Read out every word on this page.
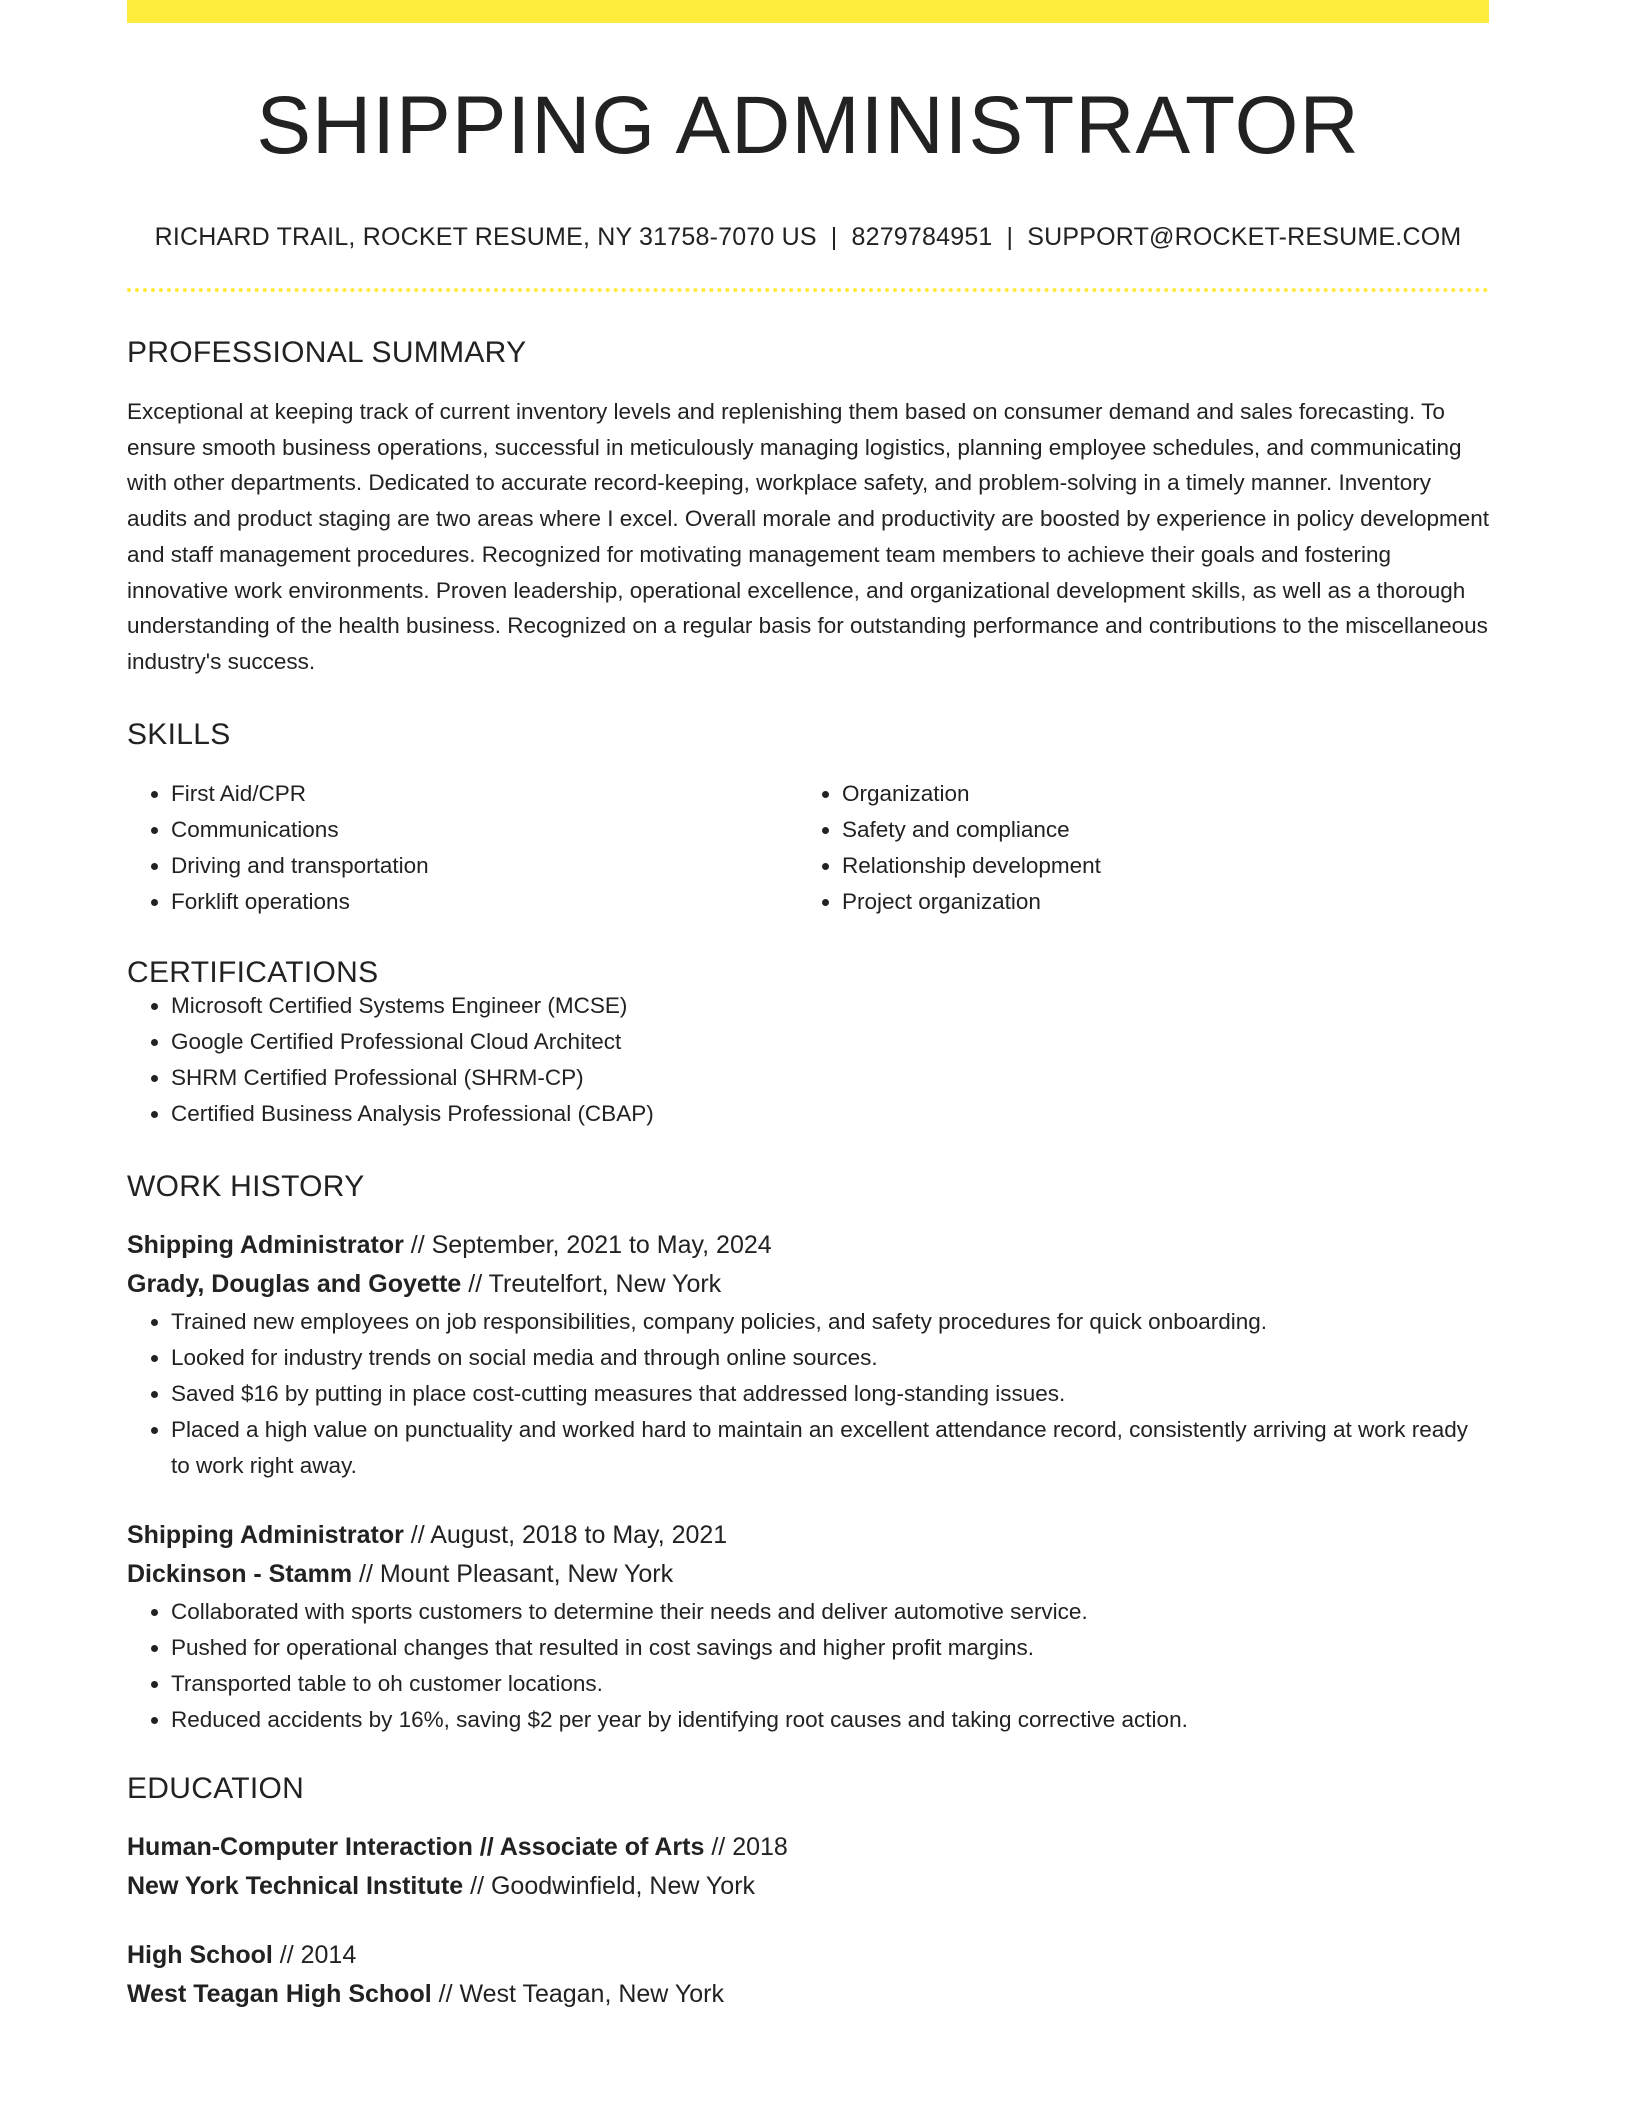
SHIPPING ADMINISTRATOR
RICHARD TRAIL, ROCKET RESUME, NY 31758-7070 US | 8279784951 | SUPPORT@ROCKET-RESUME.COM
PROFESSIONAL SUMMARY
Exceptional at keeping track of current inventory levels and replenishing them based on consumer demand and sales forecasting. To ensure smooth business operations, successful in meticulously managing logistics, planning employee schedules, and communicating with other departments. Dedicated to accurate record-keeping, workplace safety, and problem-solving in a timely manner. Inventory audits and product staging are two areas where I excel. Overall morale and productivity are boosted by experience in policy development and staff management procedures. Recognized for motivating management team members to achieve their goals and fostering innovative work environments. Proven leadership, operational excellence, and organizational development skills, as well as a thorough understanding of the health business. Recognized on a regular basis for outstanding performance and contributions to the miscellaneous industry's success.
SKILLS
• First Aid/CPR
• Communications
• Driving and transportation
• Forklift operations
• Organization
• Safety and compliance
• Relationship development
• Project organization
CERTIFICATIONS
• Microsoft Certified Systems Engineer (MCSE)
• Google Certified Professional Cloud Architect
• SHRM Certified Professional (SHRM-CP)
• Certified Business Analysis Professional (CBAP)
WORK HISTORY
Shipping Administrator // September, 2021 to May, 2024
Grady, Douglas and Goyette // Treutelfort, New York
• Trained new employees on job responsibilities, company policies, and safety procedures for quick onboarding.
• Looked for industry trends on social media and through online sources.
• Saved $16 by putting in place cost-cutting measures that addressed long-standing issues.
• Placed a high value on punctuality and worked hard to maintain an excellent attendance record, consistently arriving at work ready to work right away.
Shipping Administrator // August, 2018 to May, 2021
Dickinson - Stamm // Mount Pleasant, New York
• Collaborated with sports customers to determine their needs and deliver automotive service.
• Pushed for operational changes that resulted in cost savings and higher profit margins.
• Transported table to oh customer locations.
• Reduced accidents by 16%, saving $2 per year by identifying root causes and taking corrective action.
EDUCATION
Human-Computer Interaction // Associate of Arts // 2018
New York Technical Institute // Goodwinfield, New York
High School // 2014
West Teagan High School // West Teagan, New York
